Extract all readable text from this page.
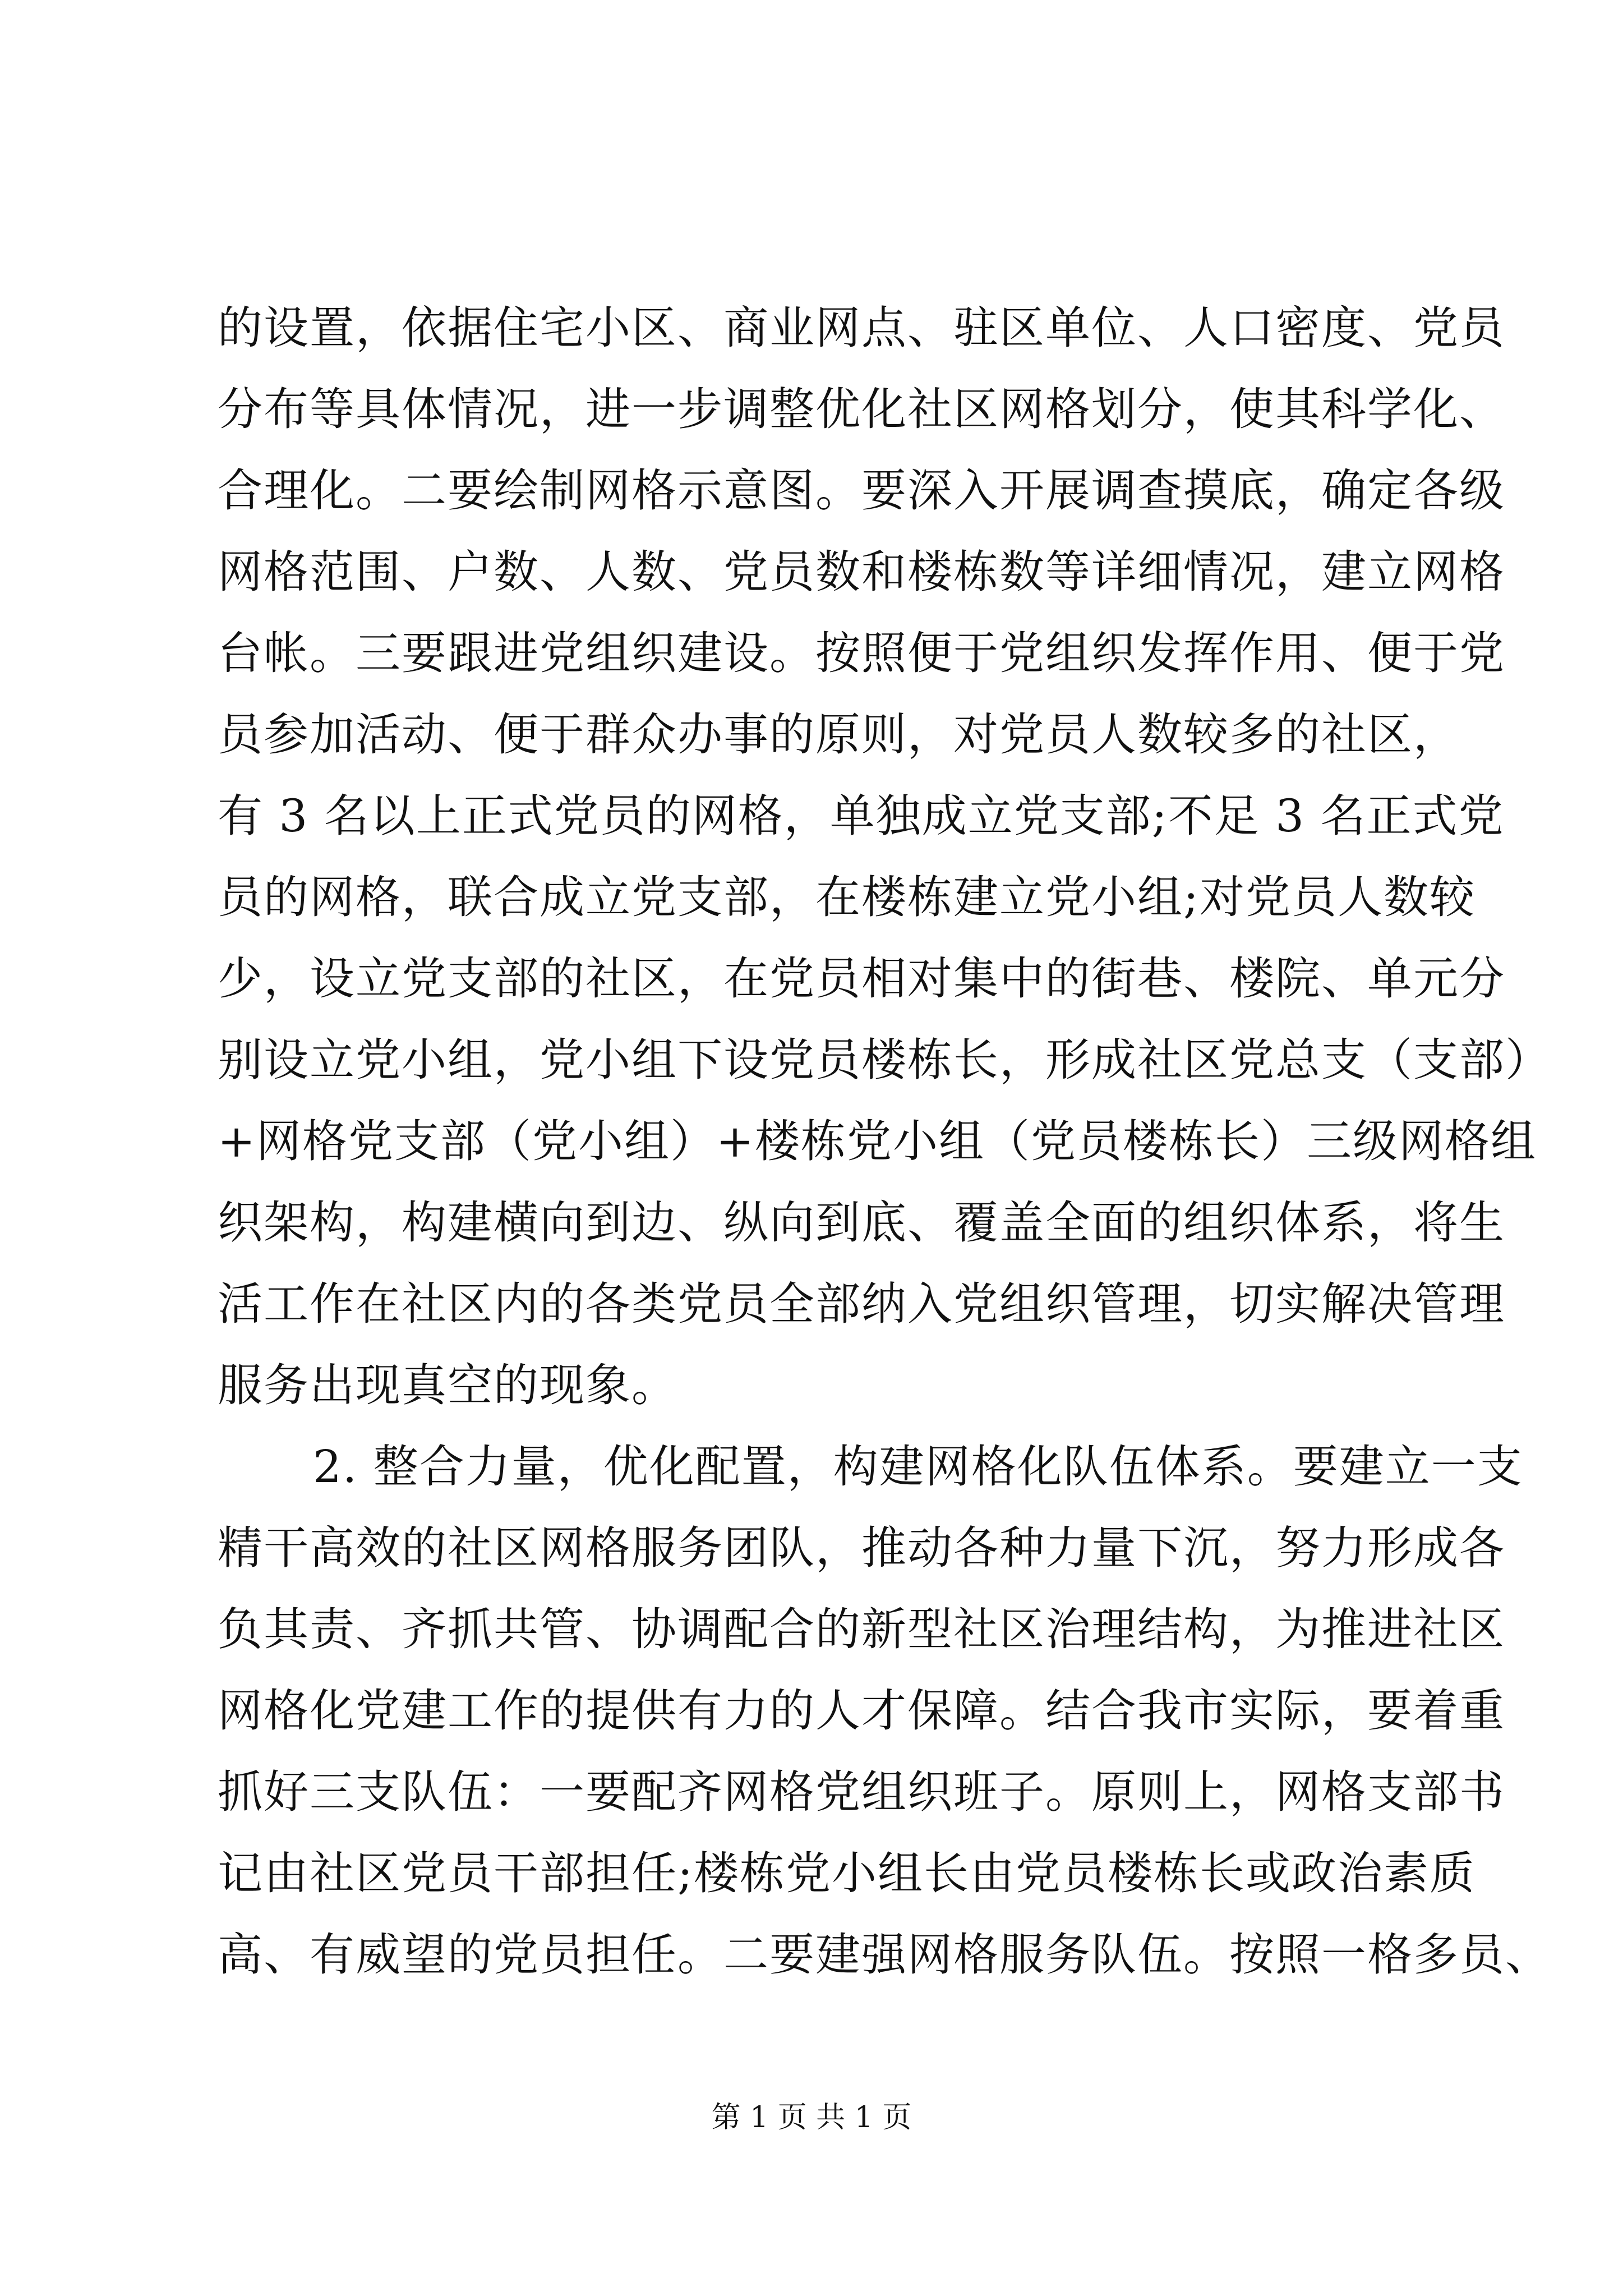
的设置，依据住宅小区、商业网点、驻区单位、人口密度、党员
分布等具体情况，进一步调整优化社区网格划分，使其科学化、
合理化。二要绘制网格示意图。要深入开展调查摸底，确定各级
网格范围、户数、人数、党员数和楼栋数等详细情况，建立网格
台帐。三要跟进党组织建设。按照便于党组织发挥作用、便于党
员参加活动、便于群众办事的原则，对党员人数较多的社区，
有 3 名以上正式党员的网格，单独成立党支部;不足 3 名正式党
员的网格，联合成立党支部，在楼栋建立党小组;对党员人数较
少，设立党支部的社区，在党员相对集中的街巷、楼院、单元分
别设立党小组，党小组下设党员楼栋长，形成社区党总支（支部）
+网格党支部（党小组）+楼栋党小组（党员楼栋长）三级网格组
织架构，构建横向到边、纵向到底、覆盖全面的组织体系，将生
活工作在社区内的各类党员全部纳入党组织管理，切实解决管理
服务出现真空的现象。
2. 整合力量，优化配置，构建网格化队伍体系。要建立一支
精干高效的社区网格服务团队，推动各种力量下沉，努力形成各
负其责、齐抓共管、协调配合的新型社区治理结构，为推进社区
网格化党建工作的提供有力的人才保障。结合我市实际，要着重
抓好三支队伍：一要配齐网格党组织班子。原则上，网格支部书
记由社区党员干部担任;楼栋党小组长由党员楼栋长或政治素质
高、有威望的党员担任。二要建强网格服务队伍。按照一格多员、
第 1 页 共 1 页
